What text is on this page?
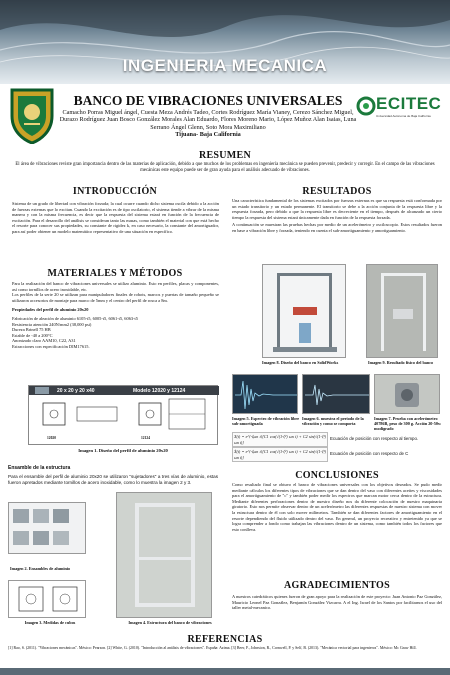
INGENIERIA MECANICA
ECITEC
Universidad Autónoma de Baja California
BANCO DE VIBRACIONES UNIVERSALES
Camacho Porras Miguel ángel, Cuesta Meza Andrés Tadeo, Cortes Rodríguez María Vianey, Cerezo Sánchez Miguel, Durazo Rodríguez Juan Bosco González Morales Alan Eduardo, Flores Moreno Mario, López Muñoz Alan Isaias, Luna Serrano Ángel Glenn, Soto Mora Maximiliano
Tijuana- Baja California
RESUMEN
El área de vibraciones reviste gran importancia dentro de las materias de aplicación, debido a que muchos de los problemas en ingeniería mecánica se pueden prevenir, predecir y corregir. En el campo de las vibraciones mecánicas este equipo puede ser de gran ayuda para el análisis adecuado de vibraciones.
INTRODUCCIÓN
Sistema de un grado de libertad con vibración forzada; la cual ocurre cuando dicho sistema oscila debido a la acción de fuerzas externas que lo excitan. Cuando la excitación es de tipo oscilatorio, el sistema tiende a vibrar de la misma manera y con la misma frecuencia, es decir que la respuesta del sistema estará en función de la frecuencia de excitación. Para el desarrollo del análisis se consideran tanto las masas, como también el material con que está hecho el resorte para conocer sus propiedades, su constante de rigidez k, en caso necesario, la constante del amortiguador, para así poder obtener un modelo matemático representativo de una situación en específico.
MATERIALES Y MÉTODOS
Para la realización del banco de vibraciones universales se utilizo aluminio. Esto en perfiles, placas y componentes, así como tornillos de acero inoxidable, etc.
Los perfiles de la serie 20 se utilizan para manipuladores finales de robots, marcos y puertas de tamaño pequeño se utilizaron accesorios de montaje para marco de 5mm y el centro del perfil de rosca a 8m.
Propiedades del perfil de aluminio 20x20
Fabricación de aleación de aluminio 6105-t5, 6005-t5, 6061-t5, 6063-t5
Resistencia atención 240N/mm2 (38,000 psi)
Dureza Brinell 75 HB
Estable de -40 a 200°C
Anonizado claro AAM10, C22, A31
Estracciones con especificación DIM17615.
20 x 20 y 20 x40	Modelo 12020 y 12124
12020	12124
Imagen 1. Diseño del perfil de aluminio 20x20
Ensamble de la estructura
Para el ensamble del perfil de aluminio 20x20 se utilizaron "sujetadores" a tres vías de aluminio, estas fueron apretados mediante tornillos de acero inoxidable, como lo muestra la imagen 2 y 3.
Imagen 2. Ensambles de aluminio
Imagen 3. Medidas de cubos	Imagen 4. Estructura del banco de vibraciones
RESULTADOS
Una característica fundamental de los sistemas excitados por fuerzas externas es que su respuesta está conformada por un estado transitorio y un estado permanente. El transitorio se debe a la acción conjunta de la respuesta libre y la respuesta forzada, pero debido a que la respuesta libre es decreciente en el tiempo, después de alcanzado un cierto tiempo la respuesta del sistema estará únicamente dada en función de la respuesta forzada.
A continuación se muestran las pruebas hechas por medio de un acelerómetro y osciloscopio. Estos resultados fueron en base a vibración libre y forzada, teniendo en cuenta el sub-amortiguamiento y amortiguamiento.
Imagen 8. Diseño del banco en SolidWorks	Imagen 9. Resultado físico del banco
Imagen 5. Espectro de vibración libre sub-amortiguada
Imagen 6. muestra el periodo de la vibración y como se comporta
Imagen 7. Prueba con acelerómetro 40786B, peso de 300 g. Acción 20-50w modigrado
X(t) = e^{-ζωn t}[C1 cos(√(1-ζ²) ωn t) + C2 sin(√(1-ζ²) ωn t)]
Ecuación de posición con respecto al tiempo.
Ẋ(t) = e^{-ζωn t}[C1 cos(√(1-ζ²) ωn t) + C2 sin(√(1-ζ²) ωn t)]
Ecuación de posición con respecto de C
CONCLUSIONES
Como resultado final se obtuvo el banco de vibraciones universales con los objetivos deseados. Se pudo medir mediante cálculos los diferentes tipos de vibraciones que se dan dentro del vaso con diferentes aceites y viscosidades para el amortiguamiento de "c" y también poder medir los espectros que marcan motor cerca dentro de la estructura. Mediante diferentes perforaciones dentro de nuestro diseño nos da diferente colocación de nuestro maquinaria giratorio. Esto nos permite observar dentro de un acelerómetro las diferentes respuestas de nuestro sistema con mover la estructura dentro de él con solo mover milímetros. También se dan diferentes factores de amortiguamiento en el resorte dependiendo del fluido utilizado dentro del vaso. En general, un proyecto recreativo y entretenido ya que se logra comprender a fondo como trabajan las vibraciones dentro de un sistema, como también todos los factores que esto conlleva.
AGRADECIMIENTOS
A nuestros catedráticos quienes fueron de gran apoyo para la realización de este proyecto: Juan Antonio Paz González, Mauricio Leonel Paz González, Benjamín González Vizcarra. A el Ing. Israel de los Santos por facilitarnos el uso del taller metal-mecanico.
REFERENCIAS
[1] Rao, S. (2011). "Vibraciones mecánicas". México: Pearson. [2] White, G. (2010). "Introducción al análisis de vibraciones". España: Azima. [3] Beer, F., Johnston, R., Cornwell, P. y Self, B. (2013). "Mecánica vectorial para ingenieros". México: Mc Graw Hill.
